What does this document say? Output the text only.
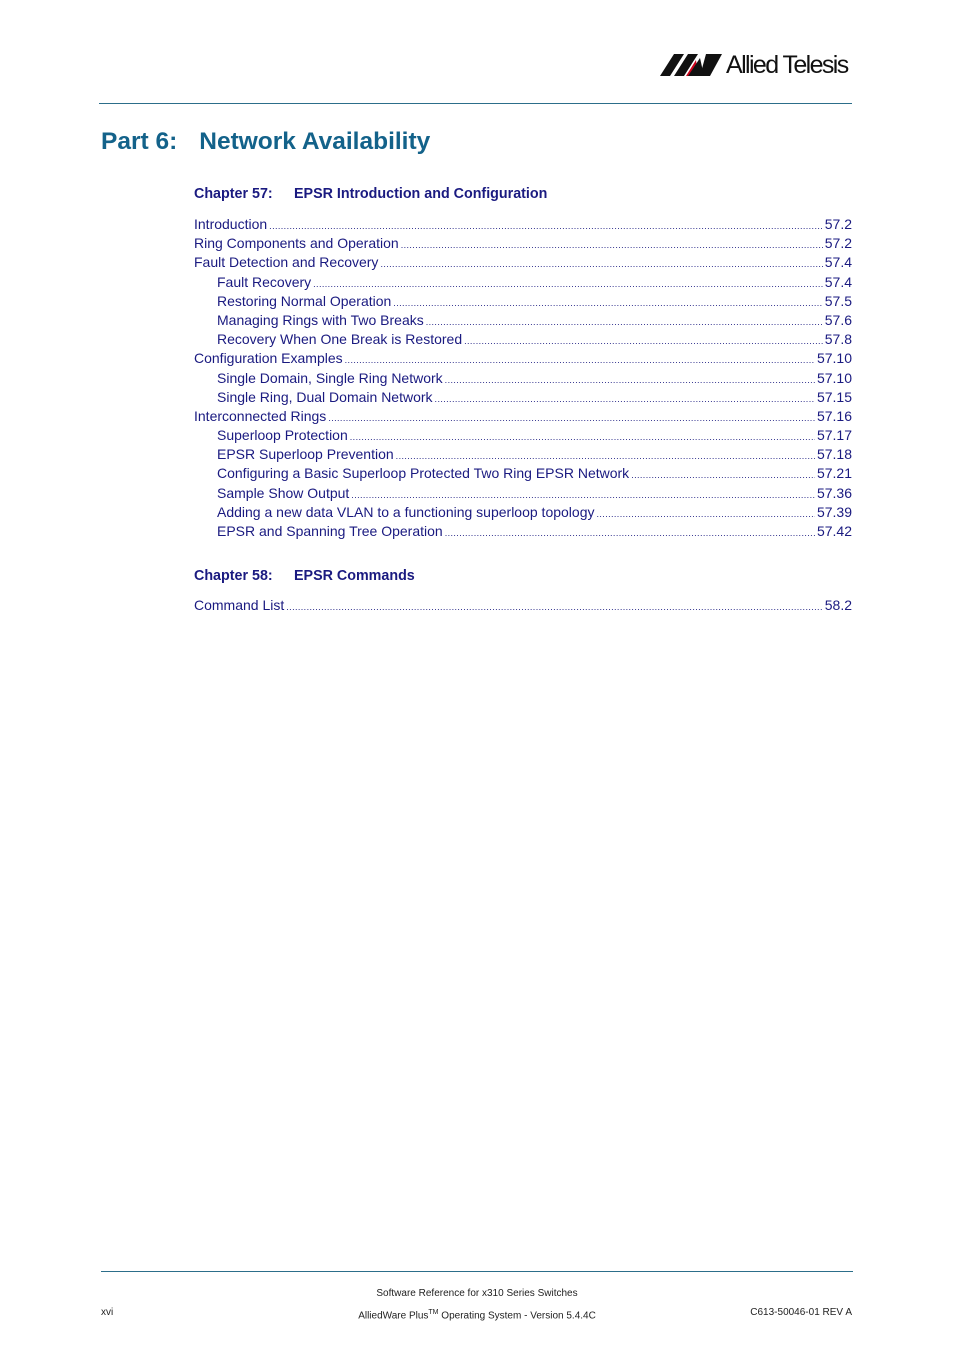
Allied Telesis
Part 6: Network Availability
Chapter 57: EPSR Introduction and Configuration
Introduction .....	57.2
Ring Components and Operation .....	57.2
Fault Detection and Recovery .....	57.4
Fault Recovery .....	57.4
Restoring Normal Operation .....	57.5
Managing Rings with Two Breaks .....	57.6
Recovery When One Break is Restored .....	57.8
Configuration Examples .....	57.10
Single Domain, Single Ring Network .....	57.10
Single Ring, Dual Domain Network .....	57.15
Interconnected Rings .....	57.16
Superloop Protection .....	57.17
EPSR Superloop Prevention .....	57.18
Configuring a Basic Superloop Protected Two Ring EPSR Network .....	57.21
Sample Show Output .....	57.36
Adding a new data VLAN to a functioning superloop topology .....	57.39
EPSR and Spanning Tree Operation .....	57.42
Chapter 58: EPSR Commands
Command List .....	58.2
Software Reference for x310 Series Switches
xvi	AlliedWare Plus™ Operating System - Version 5.4.4C	C613-50046-01 REV A
